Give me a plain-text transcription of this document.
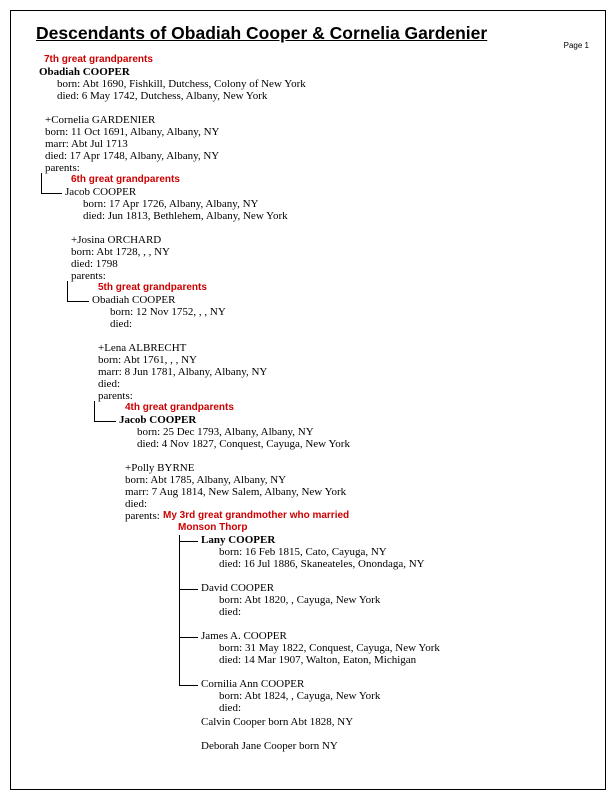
Descendants of Obadiah Cooper & Cornelia Gardenier
Page 1
7th great grandparents
Obadiah COOPER
born: Abt 1690, Fishkill, Dutchess, Colony of New York
died: 6 May 1742, Dutchess, Albany, New York
+Cornelia GARDENIER
born: 11 Oct 1691, Albany, Albany, NY
marr: Abt Jul 1713
died: 17 Apr 1748, Albany, Albany, NY
parents:
6th great grandparents
Jacob COOPER
born: 17 Apr 1726, Albany, Albany, NY
died: Jun 1813, Bethlehem, Albany, New York
+Josina ORCHARD
born: Abt 1728, , , NY
died: 1798
parents:
5th great grandparents
Obadiah COOPER
born: 12 Nov 1752, , , NY
died:
+Lena ALBRECHT
born: Abt 1761, , , NY
marr: 8 Jun 1781, Albany, Albany, NY
died:
parents:
4th great grandparents
Jacob COOPER
born: 25 Dec 1793, Albany, Albany, NY
died: 4 Nov 1827, Conquest, Cayuga, New York
+Polly BYRNE
born: Abt 1785, Albany, Albany, NY
marr: 7 Aug 1814, New Salem, Albany, New York
died:
parents: My 3rd great grandmother who married
Monson Thorp
Lany COOPER
born: 16 Feb 1815, Cato, Cayuga, NY
died: 16 Jul 1886, Skaneateles, Onondaga, NY
David COOPER
born: Abt 1820, , Cayuga, New York
died:
James A. COOPER
born: 31 May 1822, Conquest, Cayuga, New York
died: 14 Mar 1907, Walton, Eaton, Michigan
Cornilia Ann COOPER
born: Abt 1824, , Cayuga, New York
died:
Calvin Cooper born Abt 1828, NY
Deborah Jane Cooper born NY
